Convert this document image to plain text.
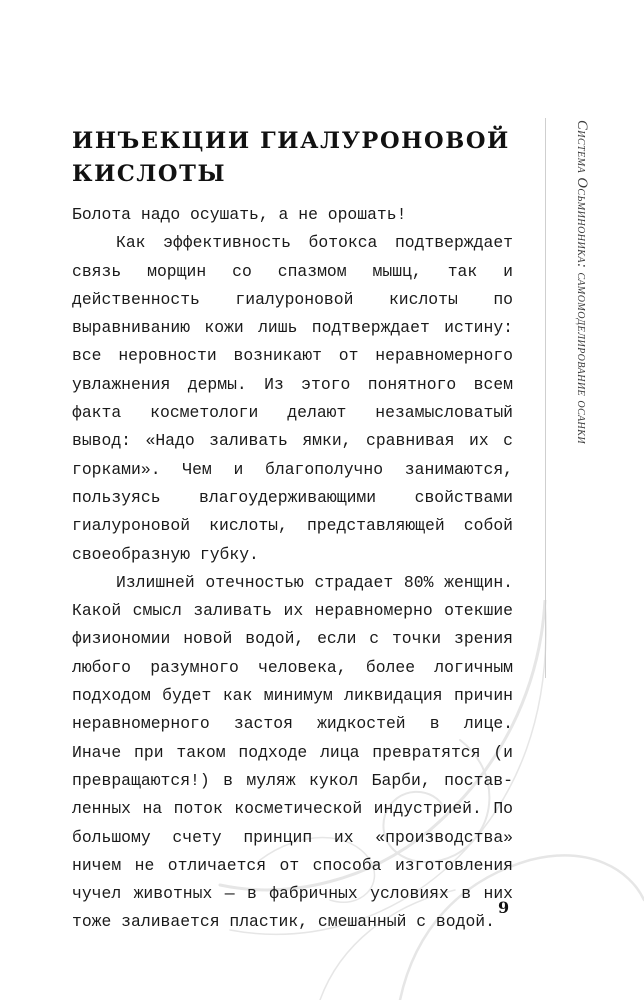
ИНЪЕКЦИИ ГИАЛУРОНОВОЙ КИСЛОТЫ

Болота надо осушать, а не орошать!

Как эффективность ботокса подтверждает связь морщин со спазмом мышц, так и действенность гиалуроновой кислоты по выравниванию кожи лишь подтверждает истину: все неровности возникают от неравномерного увлажнения дермы. Из этого понятного всем факта косметологи делают незамысловатый вывод: «Надо заливать ямки, сравнивая их с горками». Чем и благополучно занимаются, пользуясь влагоудерживающими свойствами гиалуроновой кислоты, представляющей собой своеобразную губку.

Излишней отечностью страдает 80% женщин. Какой смысл заливать их неравномерно отекшие физиономии новой водой, если с точки зрения любого разумного человека, более логичным подходом будет как минимум ликвидация причин неравномерного застоя жидкостей в лице. Иначе при таком подходе лица превратятся (и превращаются!) в муляж кукол Барби, поставленных на поток косметической индустрией. По большому счету принцип их «производства» ничем не отличается от способа изготовления чучел животных — в фабричных условиях в них тоже заливается пластик, смешанный с водой.

Система Осьминоника: самомоделирование осанки
9
